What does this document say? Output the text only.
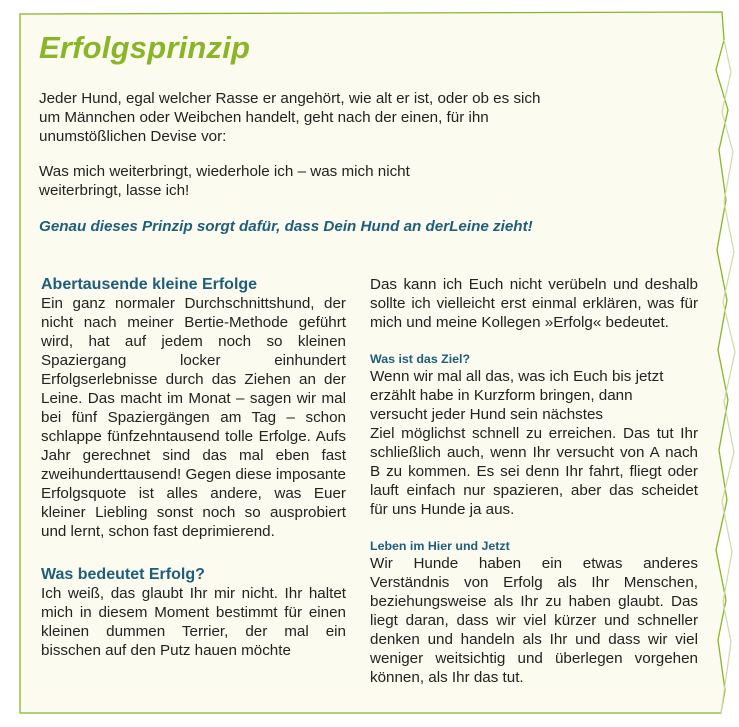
Erfolgsprinzip

Jeder Hund, egal welcher Rasse er angehört, wie alt er ist, oder ob es sich um Männchen oder Weibchen handelt, geht nach der einen, für ihn unumstößlichen Devise vor:

Was mich weiterbringt, wiederhole ich – was mich nicht weiterbringt, lasse ich!

Genau dieses Prinzip sorgt dafür, dass Dein Hund an derLeine zieht!

Abertausende kleine Erfolge

Ein ganz normaler Durchschnittshund, der nicht nach meiner Bertie-Methode geführt wird, hat auf jedem noch so kleinen Spaziergang locker einhundert Erfolgserlebnisse durch das Ziehen an der Leine. Das macht im Monat – sagen wir mal bei fünf Spaziergängen am Tag – schon schlappe fünfzehntausend tolle Erfolge. Aufs Jahr gerechnet sind das mal eben fast zweihunderttausend! Gegen diese imposante Erfolgsquote ist alles andere, was Euer kleiner Liebling sonst noch so ausprobiert und lernt, schon fast deprimierend.

Was bedeutet Erfolg?

Ich weiß, das glaubt Ihr mir nicht. Ihr haltet mich in diesem Moment bestimmt für einen kleinen dummen Terrier, der mal ein bisschen auf den Putz hauen möchte

Das kann ich Euch nicht verübeln und deshalb sollte ich vielleicht erst einmal erklären, was für mich und meine Kollegen »Erfolg« bedeutet.

Was ist das Ziel?
Wenn wir mal all das, was ich Euch bis jetzt
erzählt habe in Kurzform bringen, dann
versucht jeder Hund sein nächstes

Ziel möglichst schnell zu erreichen. Das tut Ihr schließlich auch, wenn Ihr versucht von A nach B zu kommen. Es sei denn Ihr fahrt, fliegt oder lauft einfach nur spazieren, aber das scheidet für uns Hunde ja aus.

Leben im Hier und Jetzt

Wir Hunde haben ein etwas anderes Verständnis von Erfolg als Ihr Menschen, beziehungsweise als Ihr zu haben glaubt. Das liegt daran, dass wir viel kürzer und schneller denken und handeln als Ihr und dass wir viel weniger weitsichtig und überlegen vorgehen können, als Ihr das tut.
